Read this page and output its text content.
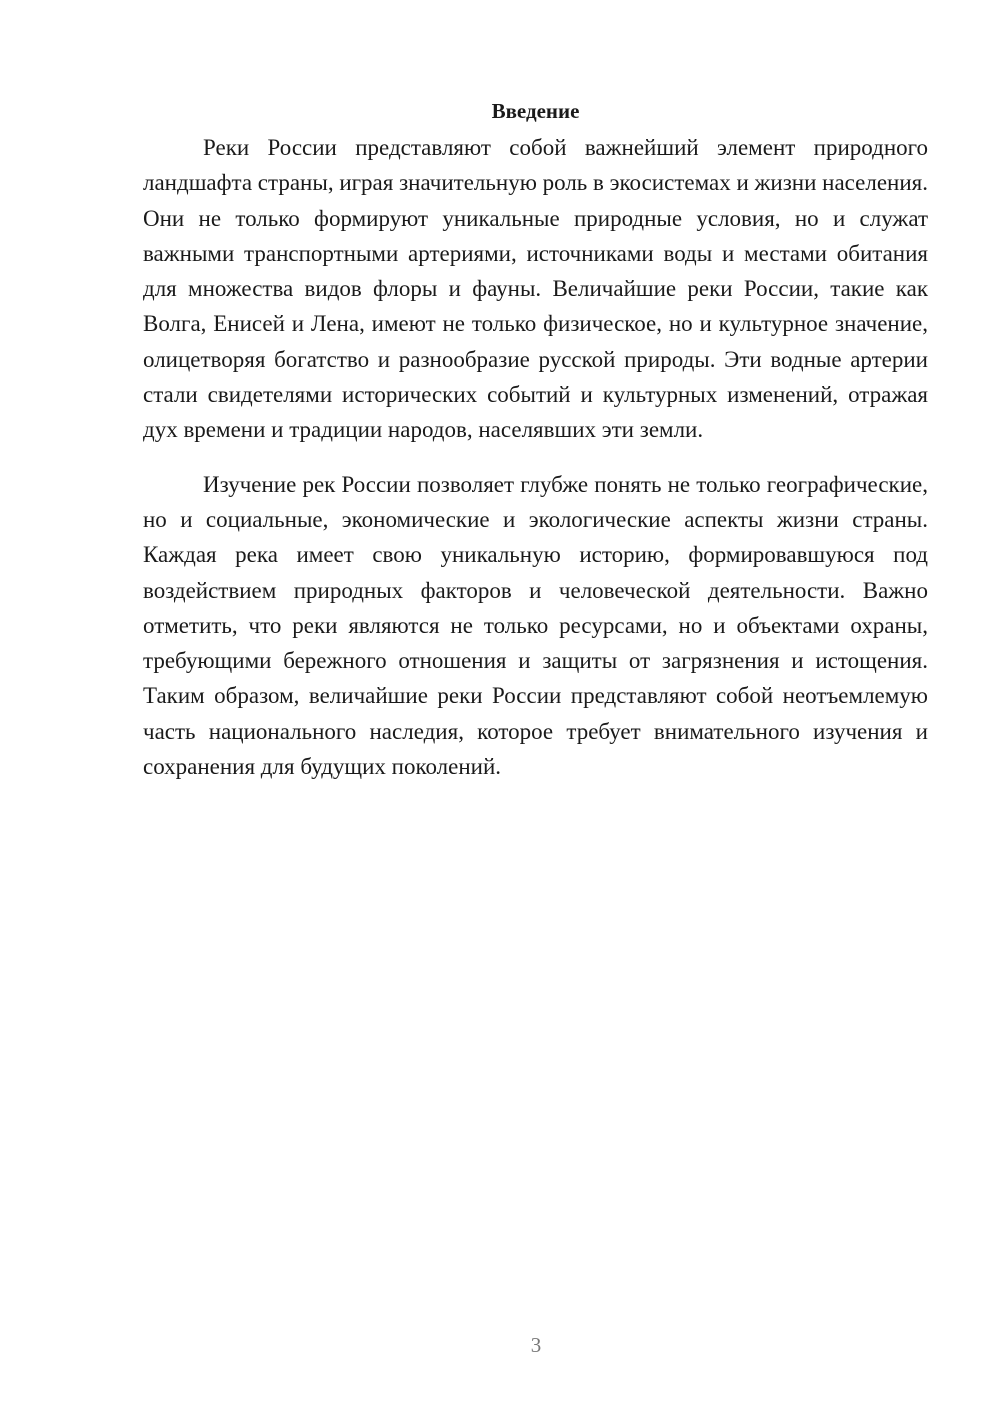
Введение

Реки России представляют собой важнейший элемент природного ландшафта страны, играя значительную роль в экосистемах и жизни населения. Они не только формируют уникальные природные условия, но и служат важными транспортными артериями, источниками воды и местами обитания для множества видов флоры и фауны. Величайшие реки России, такие как Волга, Енисей и Лена, имеют не только физическое, но и культурное значение, олицетворяя богатство и разнообразие русской природы. Эти водные артерии стали свидетелями исторических событий и культурных изменений, отражая дух времени и традиции народов, населявших эти земли.

Изучение рек России позволяет глубже понять не только географические, но и социальные, экономические и экологические аспекты жизни страны. Каждая река имеет свою уникальную историю, формировавшуюся под воздействием природных факторов и человеческой деятельности. Важно отметить, что реки являются не только ресурсами, но и объектами охраны, требующими бережного отношения и защиты от загрязнения и истощения. Таким образом, величайшие реки России представляют собой неотъемлемую часть национального наследия, которое требует внимательного изучения и сохранения для будущих поколений.

3
